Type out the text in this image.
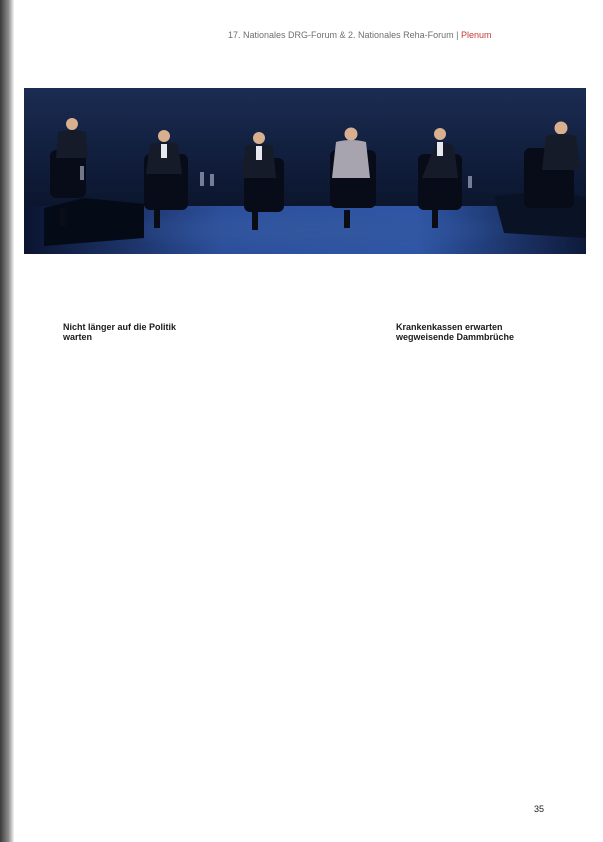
17. Nationales DRG-Forum & 2. Nationales Reha-Forum | Plenum

Nicht länger auf die Politik warten

Krankenkassen erwarten wegweisende Dammbrüche

35
